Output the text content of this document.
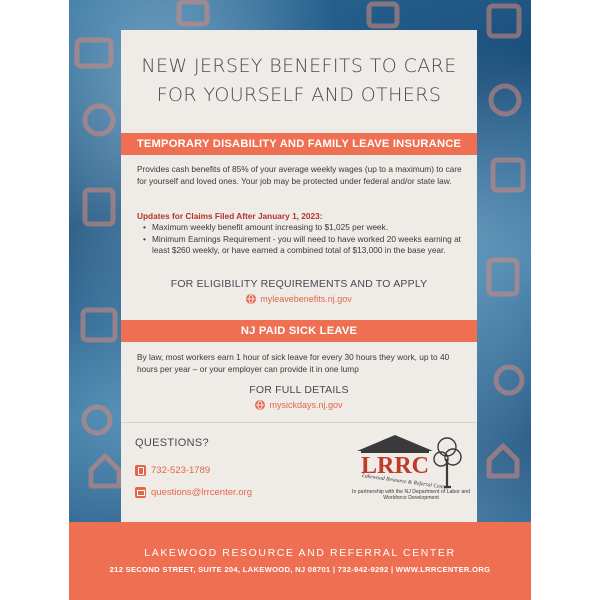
NEW JERSEY BENEFITS TO CARE
FOR YOURSELF AND OTHERS
TEMPORARY DISABILITY AND FAMILY LEAVE INSURANCE
Provides cash benefits of 85% of your average weekly wages (up to a maximum) to care for yourself and loved ones. Your job may be protected under federal and/or state law.
Updates for Claims Filed After January 1, 2023:
• Maximum weekly benefit amount increasing to $1,025 per week.
• Minimum Earnings Requirement - you will need to have worked 20 weeks earning at least $260 weekly, or have earned a combined total of $13,000 in the base year.
FOR ELIGIBILITY REQUIREMENTS AND TO APPLY
myleavebenefits.nj.gov
NJ PAID SICK LEAVE
By law, most workers earn 1 hour of sick leave for every 30 hours they work, up to 40 hours per year – or your employer can provide it in one lump
FOR FULL DETAILS
mysickdays.nj.gov
QUESTIONS?
732-523-1789
questions@lrrcenter.org
LRRC
Lakewood Resource & Referral Center
In partnership with the NJ Department of Labor and Workforce Development
LAKEWOOD RESOURCE AND REFERRAL CENTER
212 SECOND STREET, SUITE 204, LAKEWOOD, NJ 08701 | 732-942-9292 | WWW.LRRCENTER.ORG
